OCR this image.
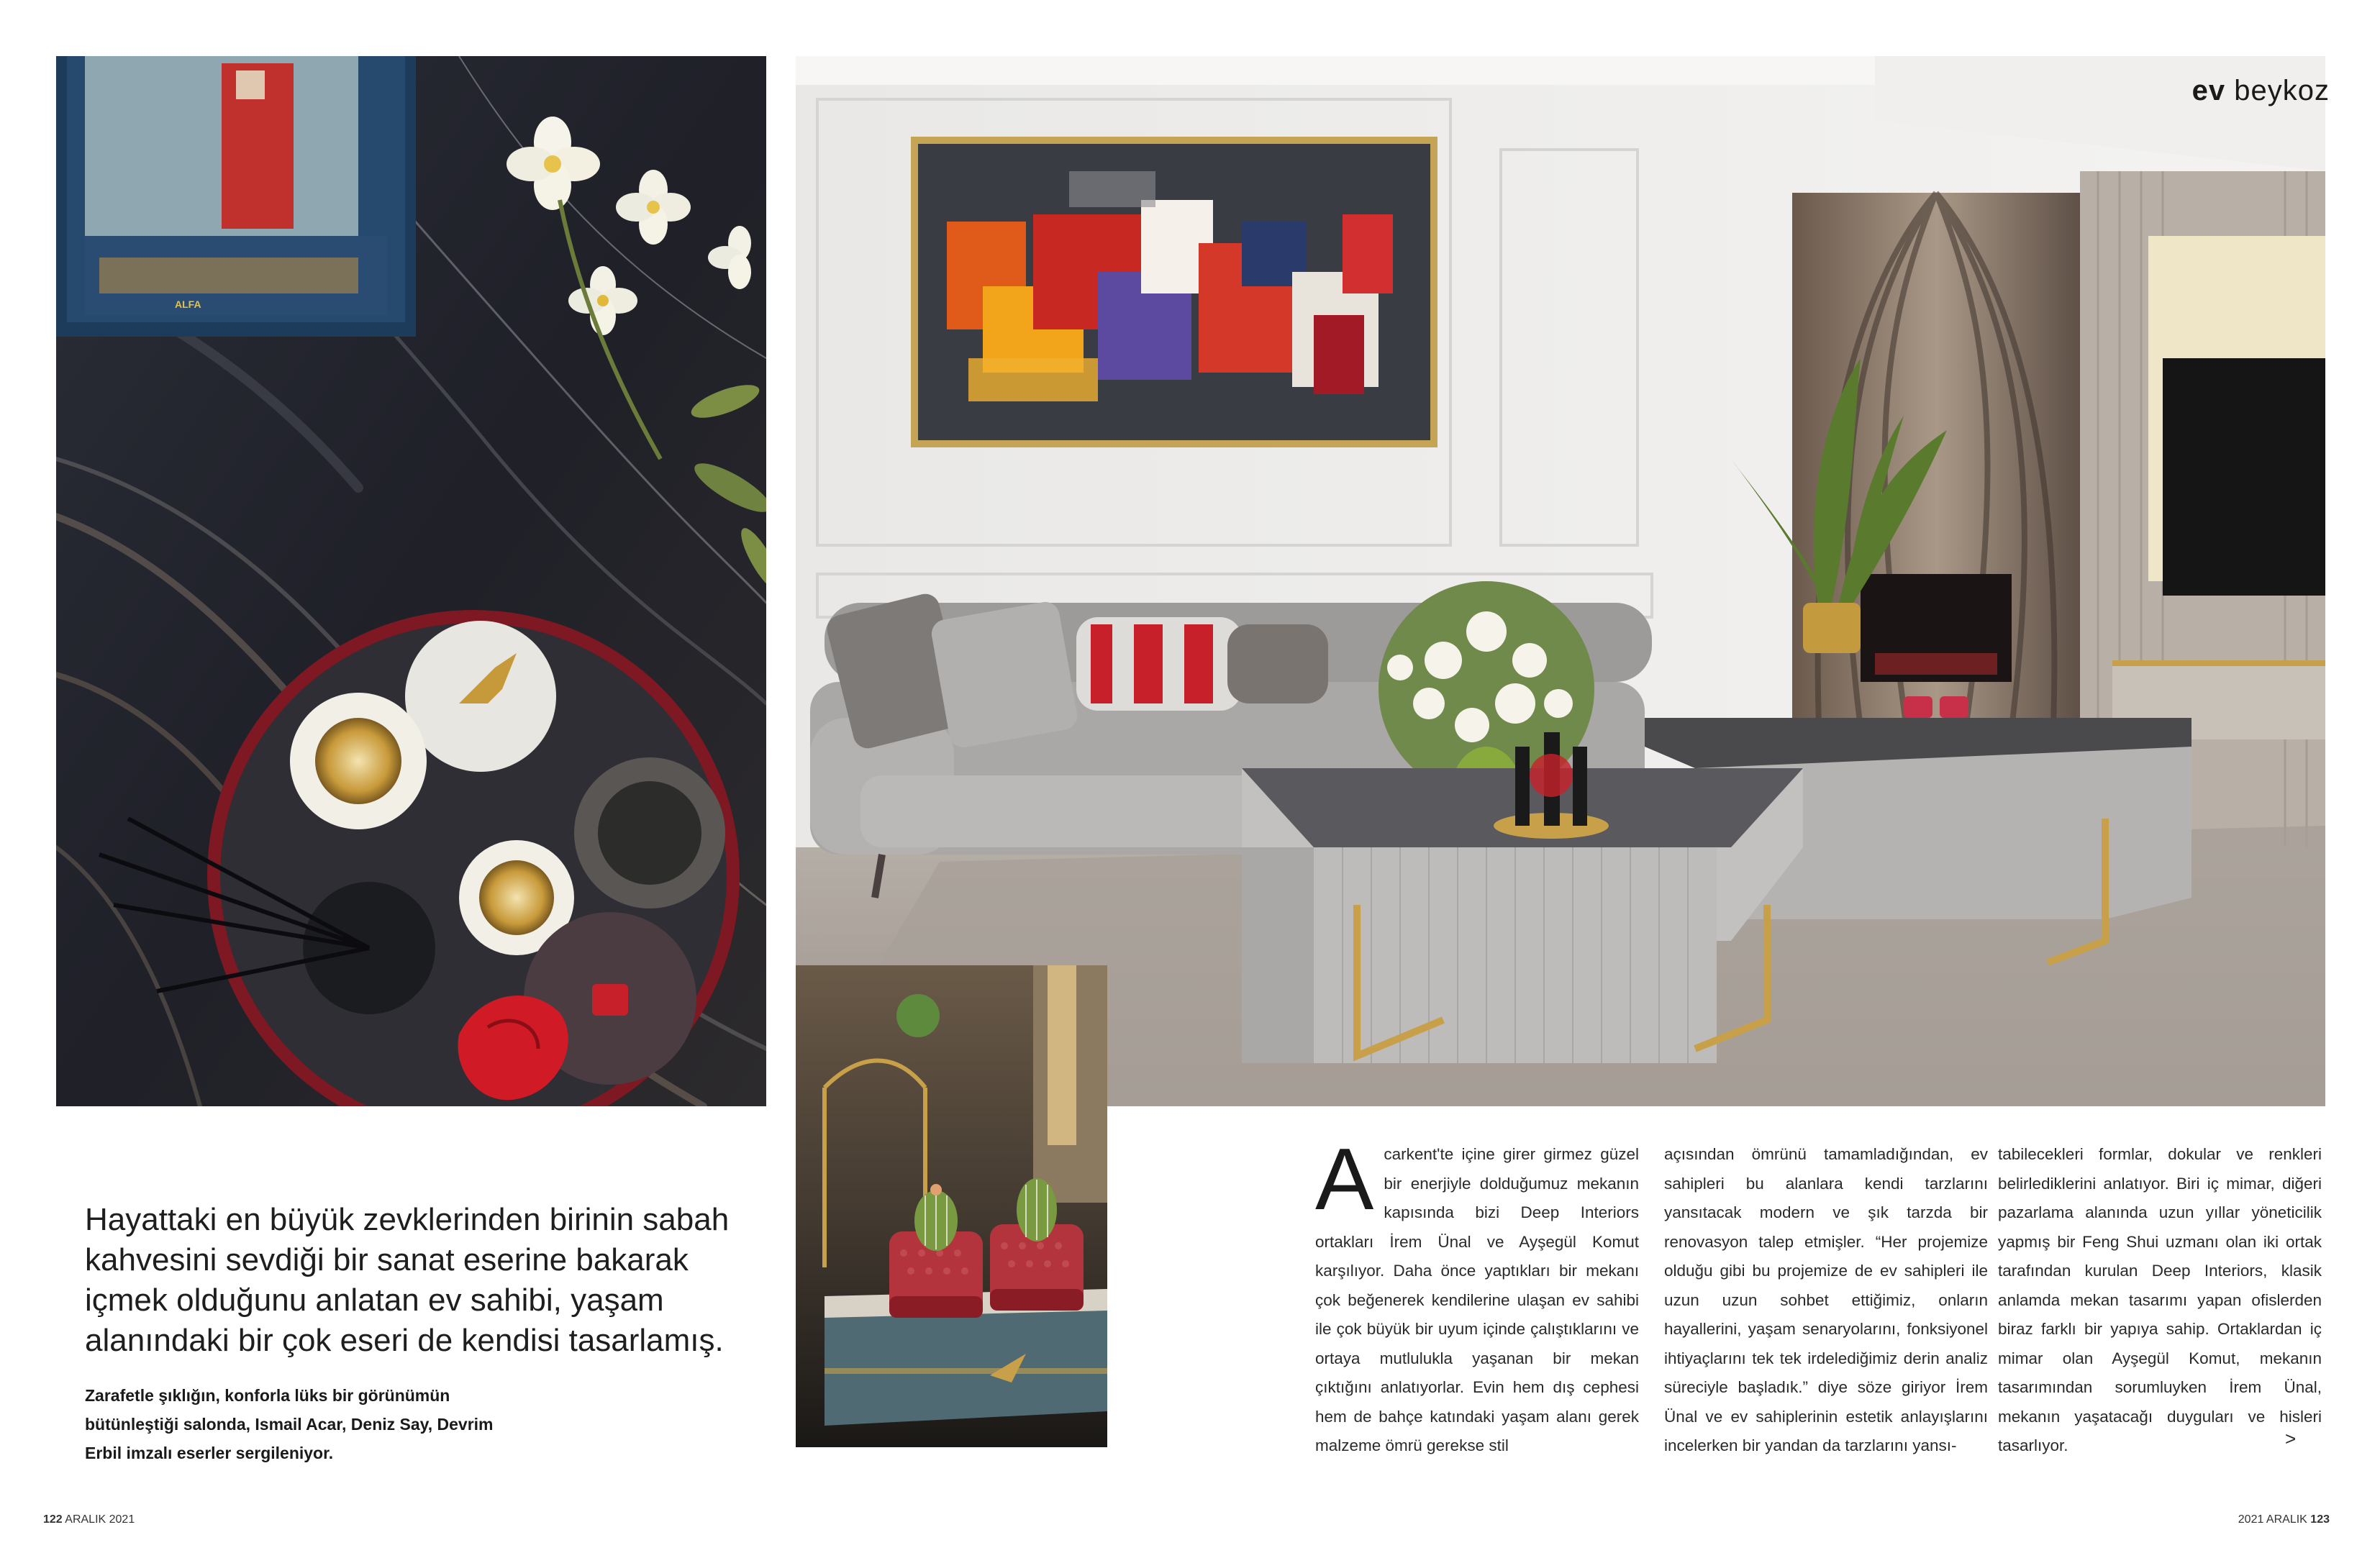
ALFA
ev beykoz
Hayattaki en büyük zevklerinden birinin sabah kahvesini sevdiği bir sanat eserine bakarak içmek olduğunu anlatan ev sahibi, yaşam alanındaki bir çok eseri de kendisi tasarlamış.
Zarafetle şıklığın, konforla lüks bir görünümün bütünleştiği salonda, Ismail Acar, Deniz Say, Devrim Erbil imzalı eserler sergileniyor.
A carkent'te içine girer girmez güzel bir enerjiyle dolduğumuz mekanın kapısında bizi Deep Interiors ortakları İrem Ünal ve Ayşegül Komut karşılıyor. Daha önce yaptıkları bir mekanı çok beğenerek kendilerine ulaşan ev sahibi ile çok büyük bir uyum içinde çalıştıklarını ve ortaya mutlulukla yaşanan bir mekan çıktığını anlatıyorlar. Evin hem dış cephesi hem de bahçe katındaki yaşam alanı gerek malzeme ömrü gerekse stil
açısından ömrünü tamamladığından, ev sahipleri bu alanlara kendi tarzlarını yansıtacak modern ve şık tarzda bir renovasyon talep etmişler. “Her projemize olduğu gibi bu projemize de ev sahipleri ile uzun uzun sohbet ettiğimiz, onların hayallerini, yaşam senaryolarını, fonksiyonel ihtiyaçlarını tek tek irdelediğimiz derin analiz süreciyle başladık.” diye söze giriyor İrem Ünal ve ev sahiplerinin estetik anlayışlarını incelerken bir yandan da tarzlarını yansı-
tabilecekleri formlar, dokular ve renkleri belirlediklerini anlatıyor. Biri iç mimar, diğeri pazarlama alanında uzun yıllar yöneticilik yapmış bir Feng Shui uzmanı olan iki ortak tarafından kurulan Deep Interiors, klasik anlamda mekan tasarımı yapan ofislerden biraz farklı bir yapıya sahip. Ortaklardan iç mimar olan Ayşegül Komut, mekanın tasarımından sorumluyken İrem Ünal, mekanın yaşatacağı duyguları ve hisleri tasarlıyor.	>
122 ARALIK 2021	2021 ARALIK 123
